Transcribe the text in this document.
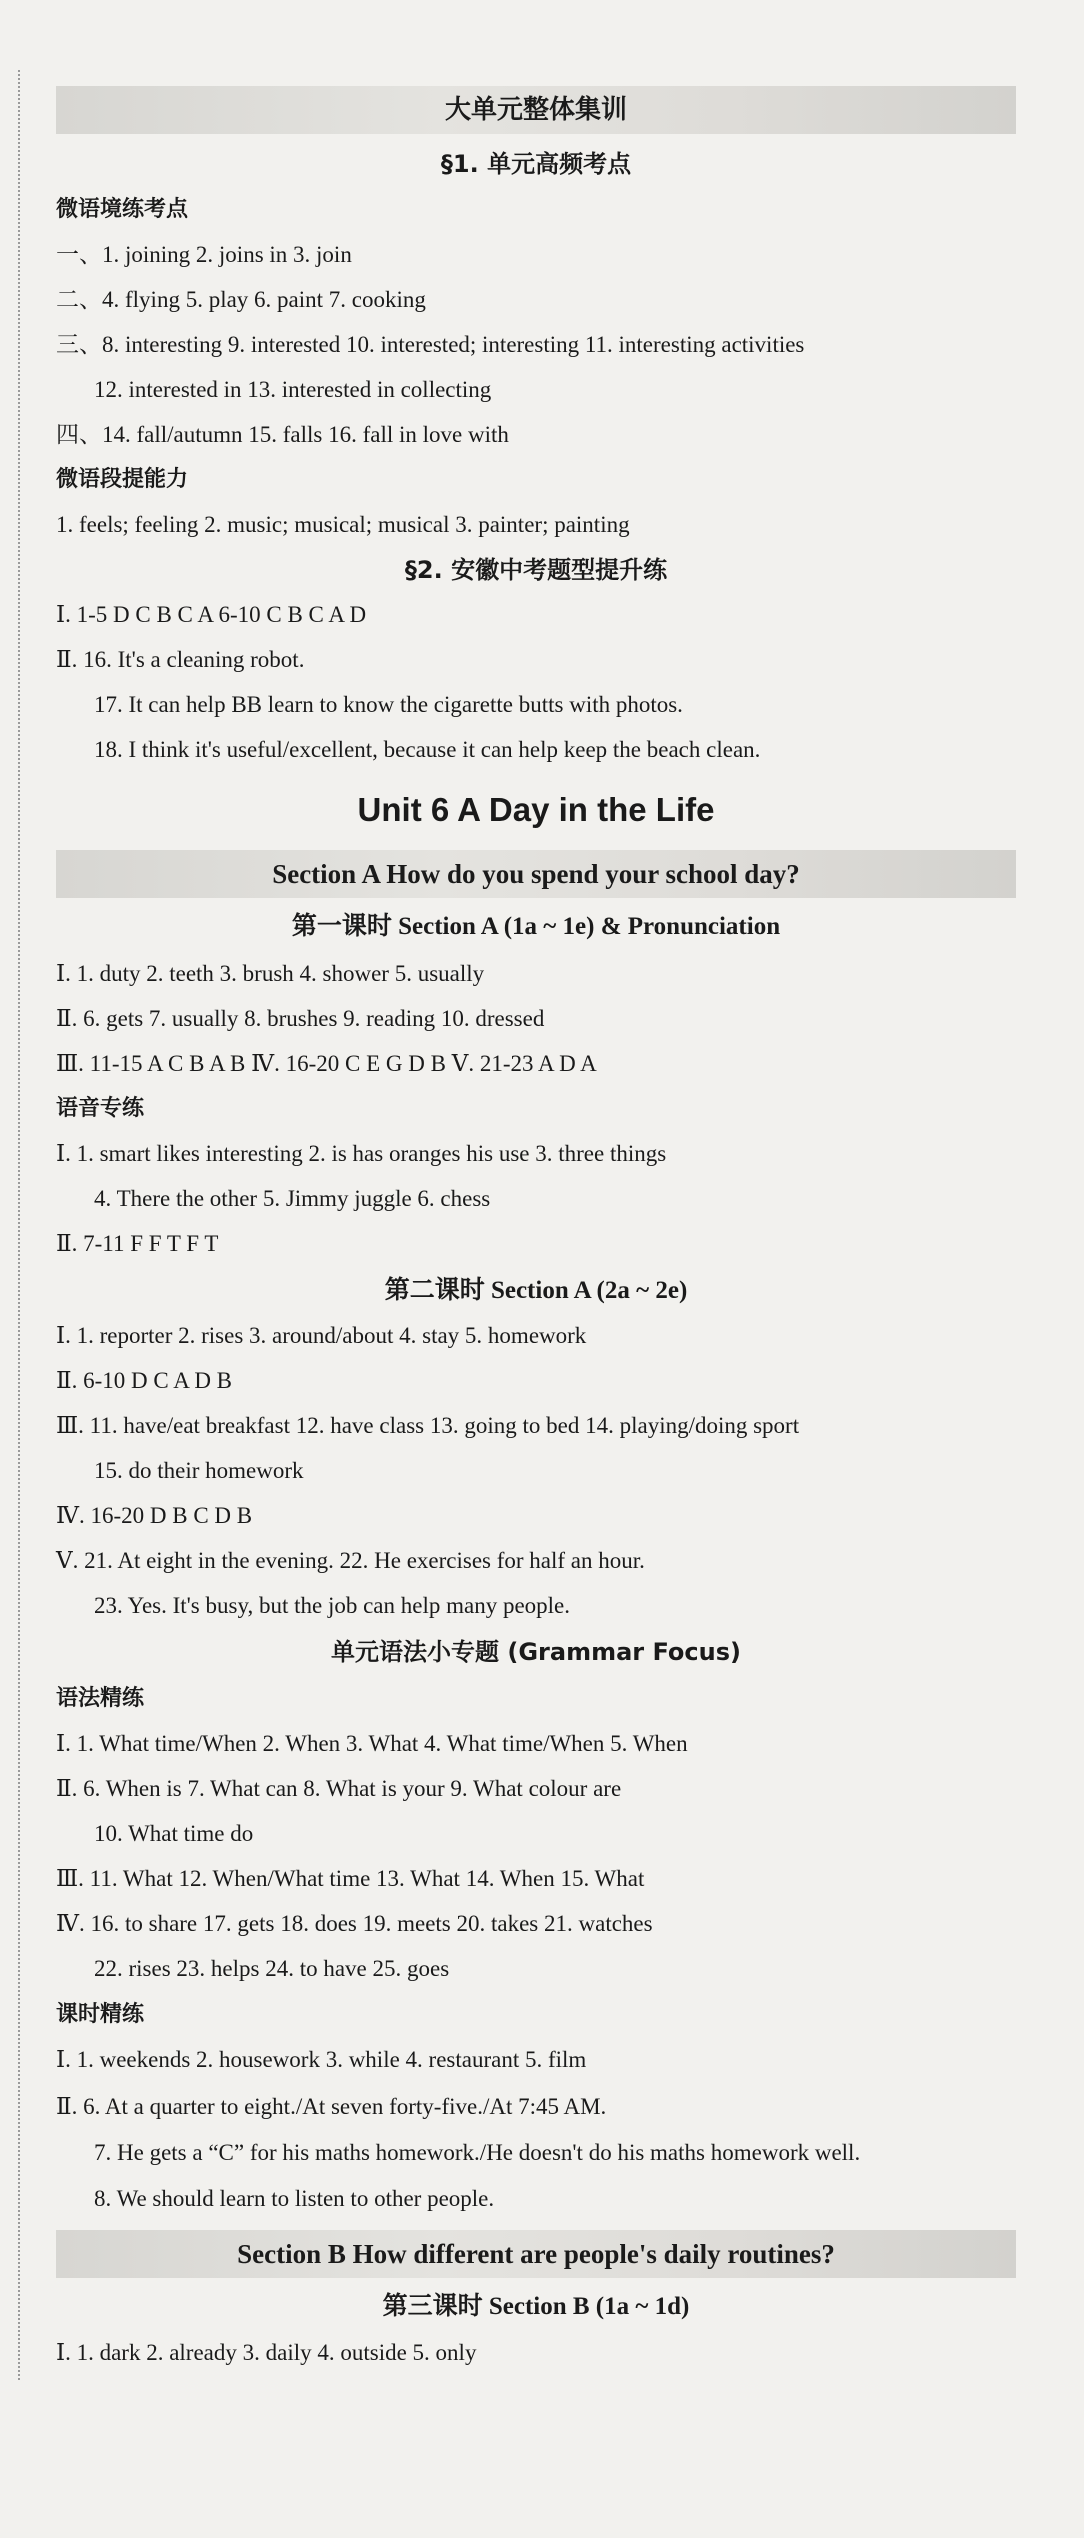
大单元整体集训
§1. 单元高频考点
微语境练考点
一、1. joining 2. joins in 3. join
二、4. flying 5. play 6. paint 7. cooking
三、8. interesting 9. interested 10. interested; interesting 11. interesting activities
12. interested in 13. interested in collecting
四、14. fall/autumn 15. falls 16. fall in love with
微语段提能力
1. feels; feeling 2. music; musical; musical 3. painter; painting
§2. 安徽中考题型提升练
Ⅰ. 1-5 D C B C A 6-10 C B C A D
Ⅱ. 16. It's a cleaning robot.
17. It can help BB learn to know the cigarette butts with photos.
18. I think it's useful/excellent, because it can help keep the beach clean.
Unit 6 A Day in the Life
Section A How do you spend your school day?
第一课时 Section A (1a ~ 1e) & Pronunciation
Ⅰ. 1. duty 2. teeth 3. brush 4. shower 5. usually
Ⅱ. 6. gets 7. usually 8. brushes 9. reading 10. dressed
Ⅲ. 11-15 A C B A B Ⅳ. 16-20 C E G D B Ⅴ. 21-23 A D A
语音专练
Ⅰ. 1. smart likes interesting 2. is has oranges his use 3. three things
4. There the other 5. Jimmy juggle 6. chess
Ⅱ. 7-11 F F T F T
第二课时 Section A (2a ~ 2e)
Ⅰ. 1. reporter 2. rises 3. around/about 4. stay 5. homework
Ⅱ. 6-10 D C A D B
Ⅲ. 11. have/eat breakfast 12. have class 13. going to bed 14. playing/doing sport
15. do their homework
Ⅳ. 16-20 D B C D B
Ⅴ. 21. At eight in the evening. 22. He exercises for half an hour.
23. Yes. It's busy, but the job can help many people.
单元语法小专题 (Grammar Focus)
语法精练
Ⅰ. 1. What time/When 2. When 3. What 4. What time/When 5. When
Ⅱ. 6. When is 7. What can 8. What is your 9. What colour are
10. What time do
Ⅲ. 11. What 12. When/What time 13. What 14. When 15. What
Ⅳ. 16. to share 17. gets 18. does 19. meets 20. takes 21. watches
22. rises 23. helps 24. to have 25. goes
课时精练
Ⅰ. 1. weekends 2. housework 3. while 4. restaurant 5. film
Ⅱ. 6. At a quarter to eight./At seven forty-five./At 7:45 AM.
7. He gets a “C” for his maths homework./He doesn't do his maths homework well.
8. We should learn to listen to other people.
Section B How different are people's daily routines?
第三课时 Section B (1a ~ 1d)
Ⅰ. 1. dark 2. already 3. daily 4. outside 5. only
